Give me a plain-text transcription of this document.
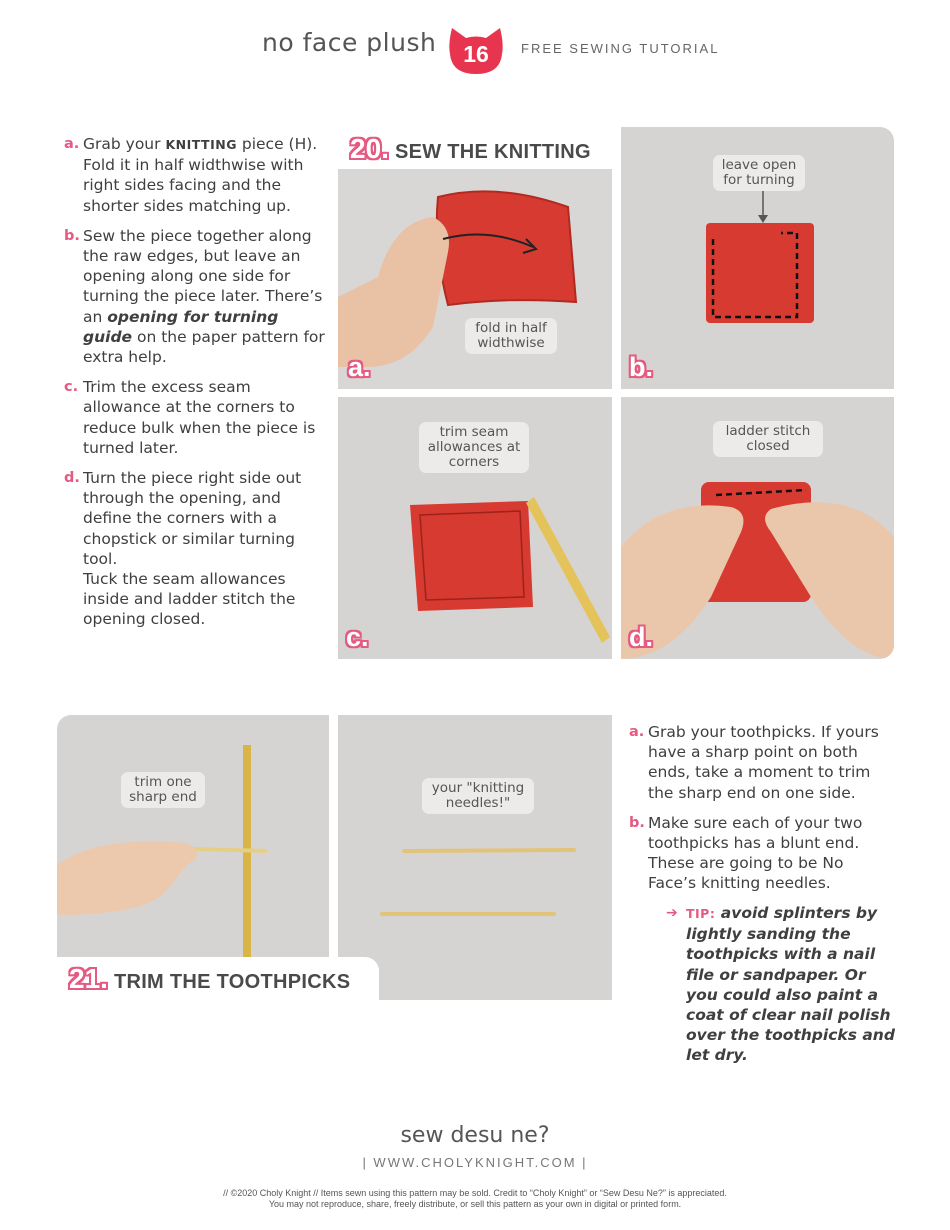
no face plush	16	FREE SEWING TUTORIAL
a. Grab your KNITTING piece (H). Fold it in half widthwise with right sides facing and the shorter sides matching up.
b. Sew the piece together along the raw edges, but leave an opening along one side for turning the piece later. There’s an opening for turning guide on the paper pattern for extra help.
c. Trim the excess seam allowance at the corners to reduce bulk when the piece is turned later.
d. Turn the piece right side out through the opening, and define the corners with a chopstick or similar turning tool.
Tuck the seam allowances inside and ladder stitch the opening closed.
fold in half widthwise
a.
leave open for turning
b.
trim seam allowances at corners
c.
ladder stitch closed
d.
20. SEW THE KNITTING
trim one sharp end
your "knitting needles!"
21. TRIM THE TOOTHPICKS
a. Grab your toothpicks. If yours have a sharp point on both ends, take a moment to trim the sharp end on one side.
b. Make sure each of your two toothpicks has a blunt end. These are going to be No Face’s knitting needles.
➔ TIP: avoid splinters by lightly sanding the toothpicks with a nail file or sandpaper. Or you could also paint a coat of clear nail polish over the toothpicks and let dry.
sew desu ne?
| WWW.CHOLYKNIGHT.COM |
// ©2020 Choly Knight // Items sewn using this pattern may be sold. Credit to “Choly Knight” or “Sew Desu Ne?” is appreciated.
You may not reproduce, share, freely distribute, or sell this pattern as your own in digital or printed form.
